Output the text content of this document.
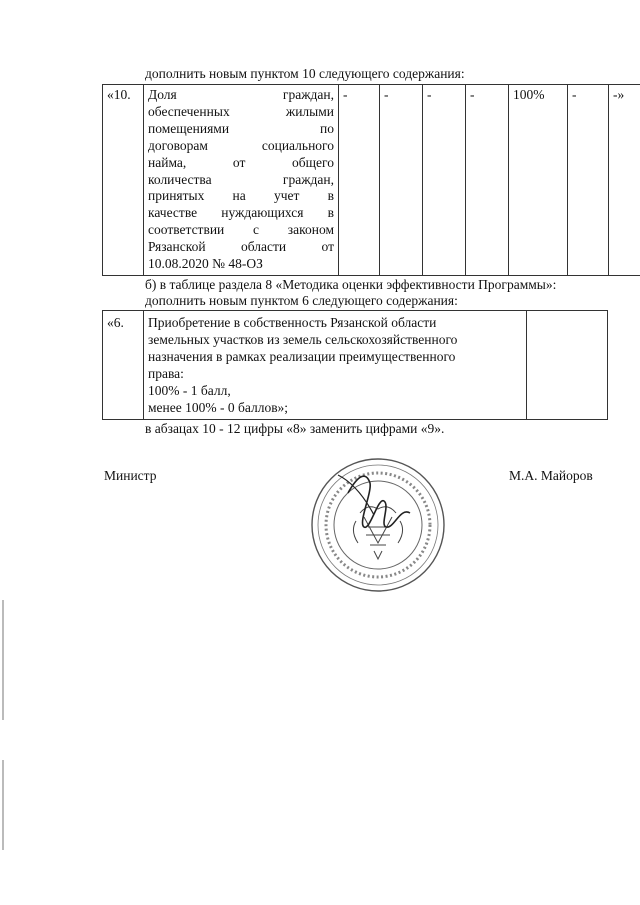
дополнить новым пунктом 10 следующего содержания:
«10.	Доля граждан,
обеспеченных жилыми
помещениями по
договорам социального
найма, от общего
количества граждан,
принятых на учет в
качестве нуждающихся в
соответствии с законом
Рязанской области от
10.08.2020 № 48-ОЗ
	-	-	-	-	100%	-	-»
б) в таблице раздела 8 «Методика оценки эффективности Программы»:
дополнить новым пунктом 6 следующего содержания:
«6.	Приобретение в собственность Рязанской области
земельных участков из земель сельскохозяйственного
назначения в рамках реализации преимущественного
права:
100% - 1 балл,
менее 100% - 0 баллов»;

в абзацах 10 - 12 цифры «8» заменить цифрами «9».
Министр	М.А. Майоров
